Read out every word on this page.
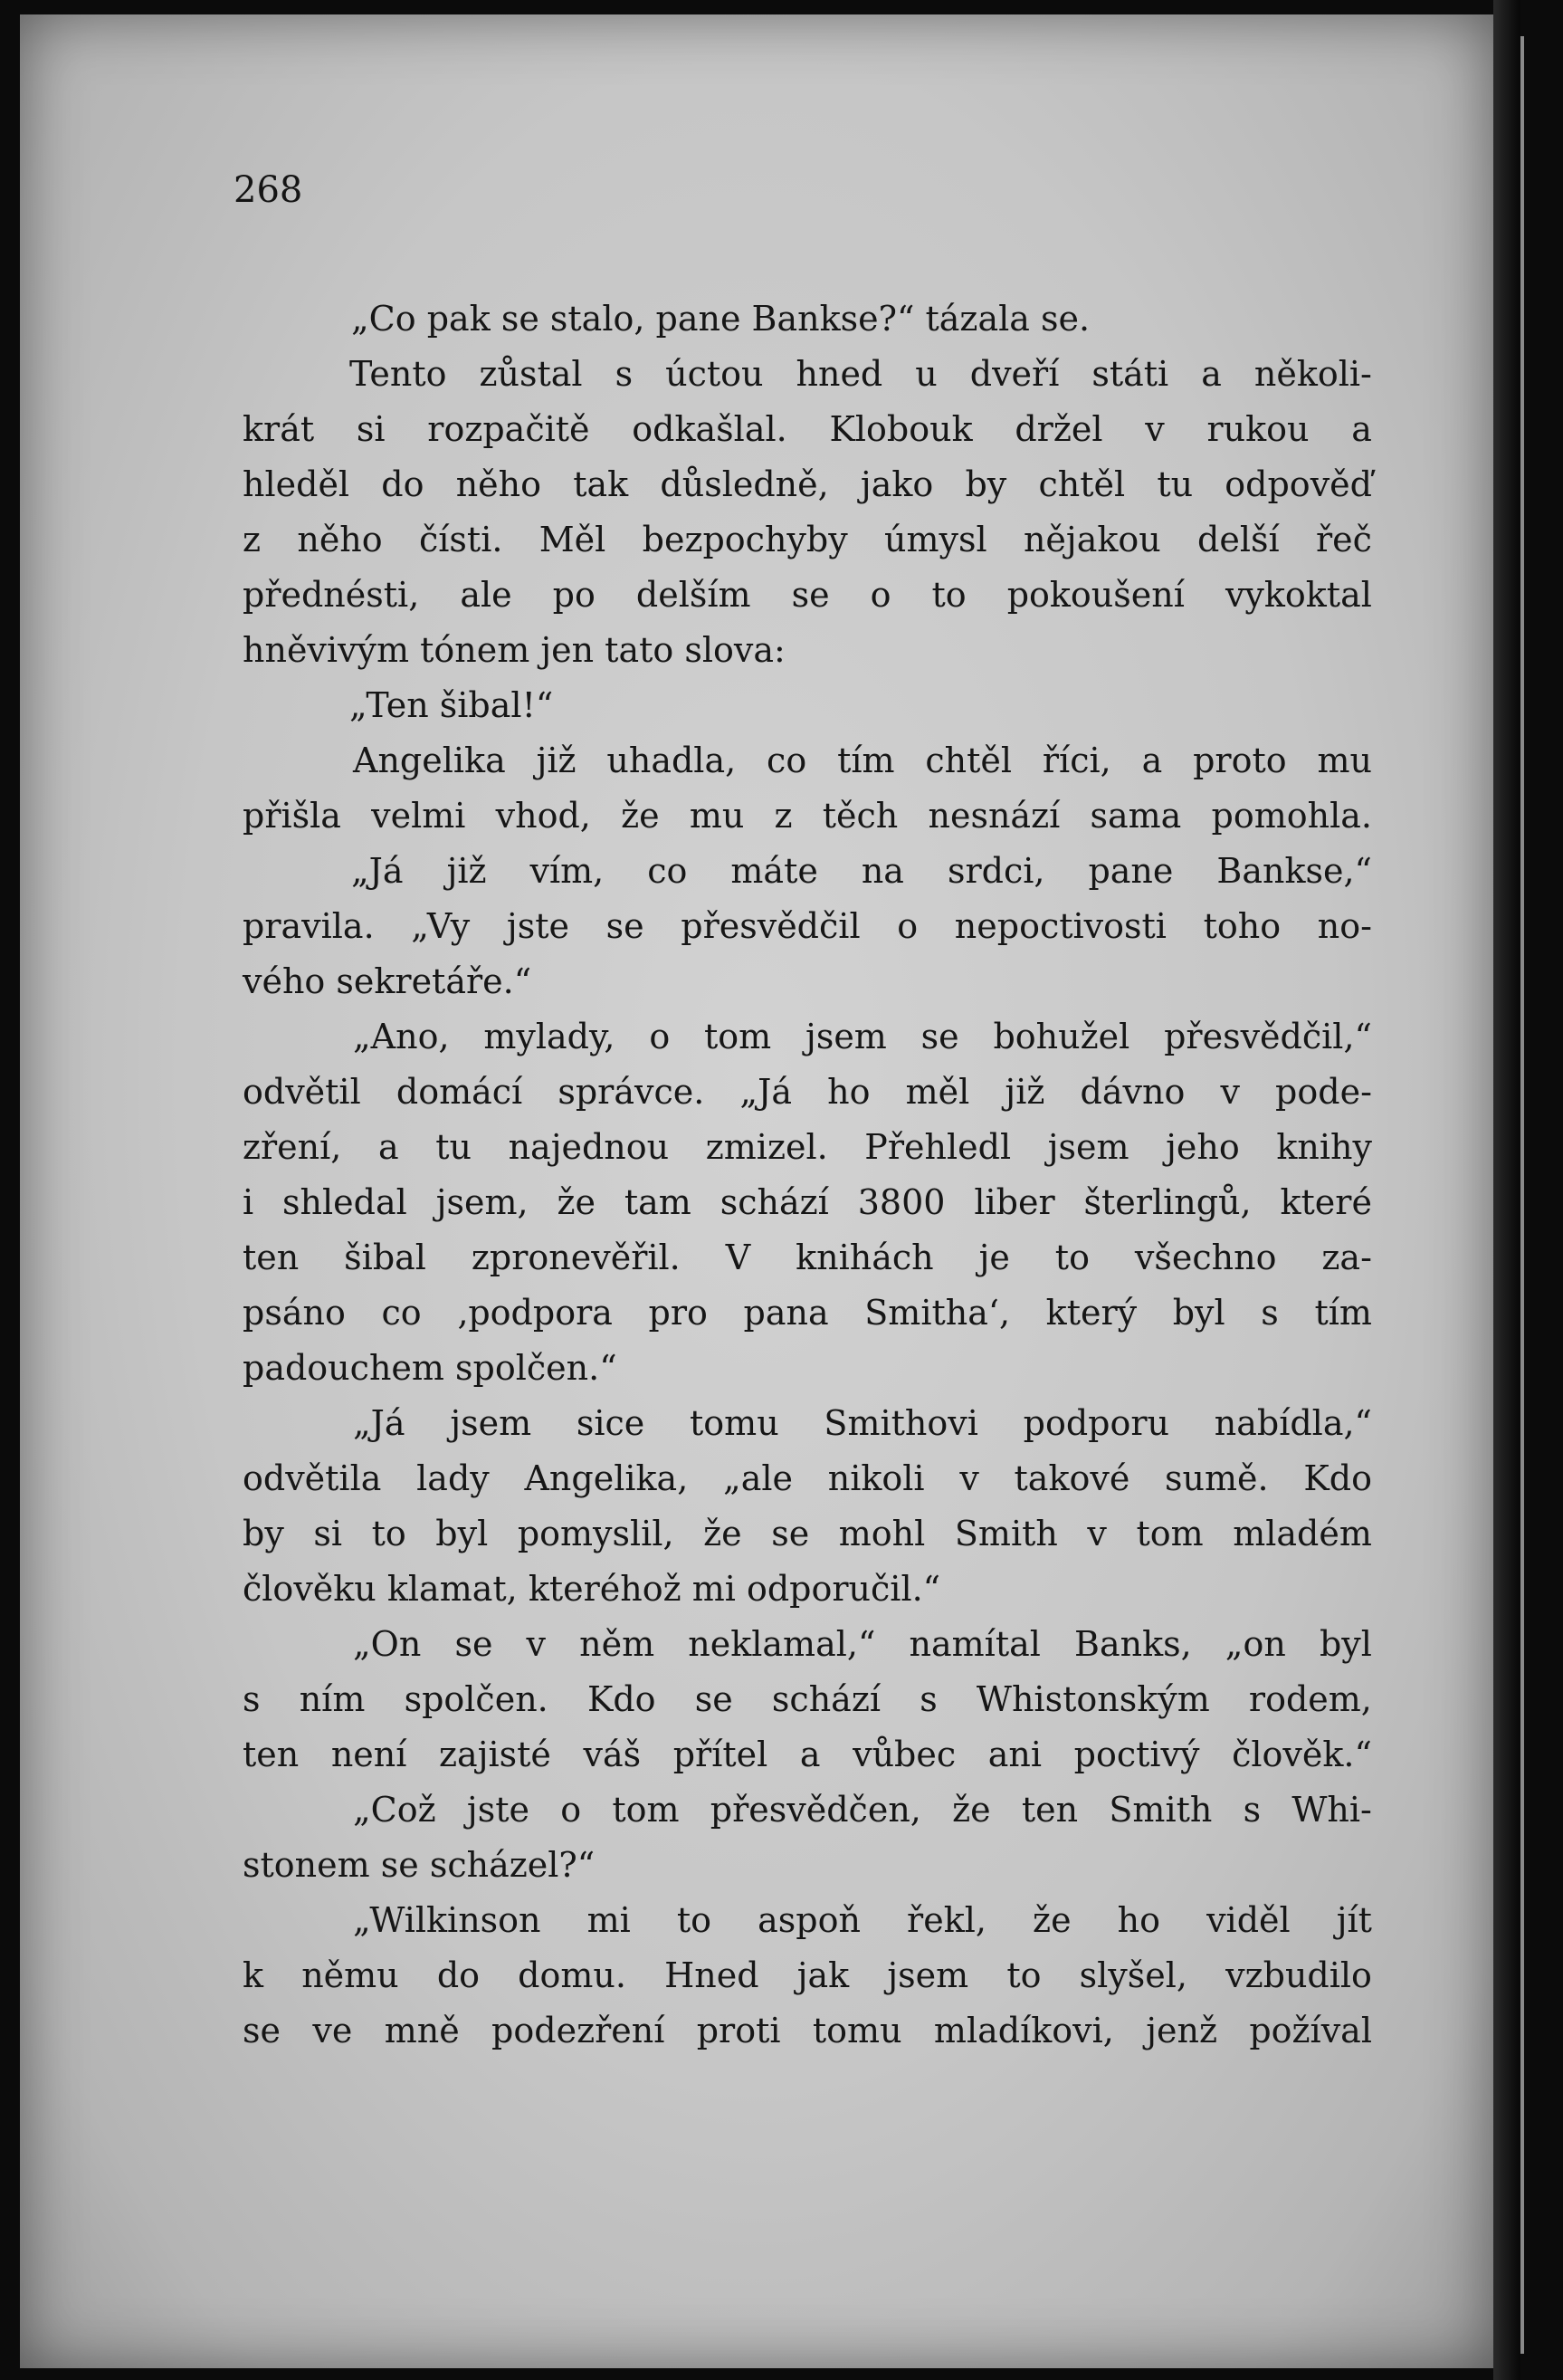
268
„Co pak se stalo, pane Bankse?“ tázala se.
Tento zůstal s úctou hned u dveří státi a několi-
krát si rozpačitě odkašlal. Klobouk držel v rukou a
hleděl do něho tak důsledně, jako by chtěl tu odpověď
z něho čísti. Měl bezpochyby úmysl nějakou delší řeč
přednésti, ale po delším se o to pokoušení vykoktal
hněvivým tónem jen tato slova:
„Ten šibal!“
Angelika již uhadla, co tím chtěl říci, a proto mu
přišla velmi vhod, že mu z těch nesnází sama pomohla.
„Já již vím, co máte na srdci, pane Bankse,“
pravila. „Vy jste se přesvědčil o nepoctivosti toho no-
vého sekretáře.“
„Ano, mylady, o tom jsem se bohužel přesvědčil,“
odvětil domácí správce. „Já ho měl již dávno v pode-
zření, a tu najednou zmizel. Přehledl jsem jeho knihy
i shledal jsem, že tam schází 3800 liber šterlingů, které
ten šibal zpronevěřil. V knihách je to všechno za-
psáno co ‚podpora pro pana Smitha‘, který byl s tím
padouchem spolčen.“
„Já jsem sice tomu Smithovi podporu nabídla,“
odvětila lady Angelika, „ale nikoli v takové sumě. Kdo
by si to byl pomyslil, že se mohl Smith v tom mladém
člověku klamat, kteréhož mi odporučil.“
„On se v něm neklamal,“ namítal Banks, „on byl
s ním spolčen. Kdo se schází s Whistonským rodem,
ten není zajisté váš přítel a vůbec ani poctivý člověk.“
„Což jste o tom přesvědčen, že ten Smith s Whi-
stonem se scházel?“
„Wilkinson mi to aspoň řekl, že ho viděl jít
k němu do domu. Hned jak jsem to slyšel, vzbudilo
se ve mně podezření proti tomu mladíkovi, jenž požíval
